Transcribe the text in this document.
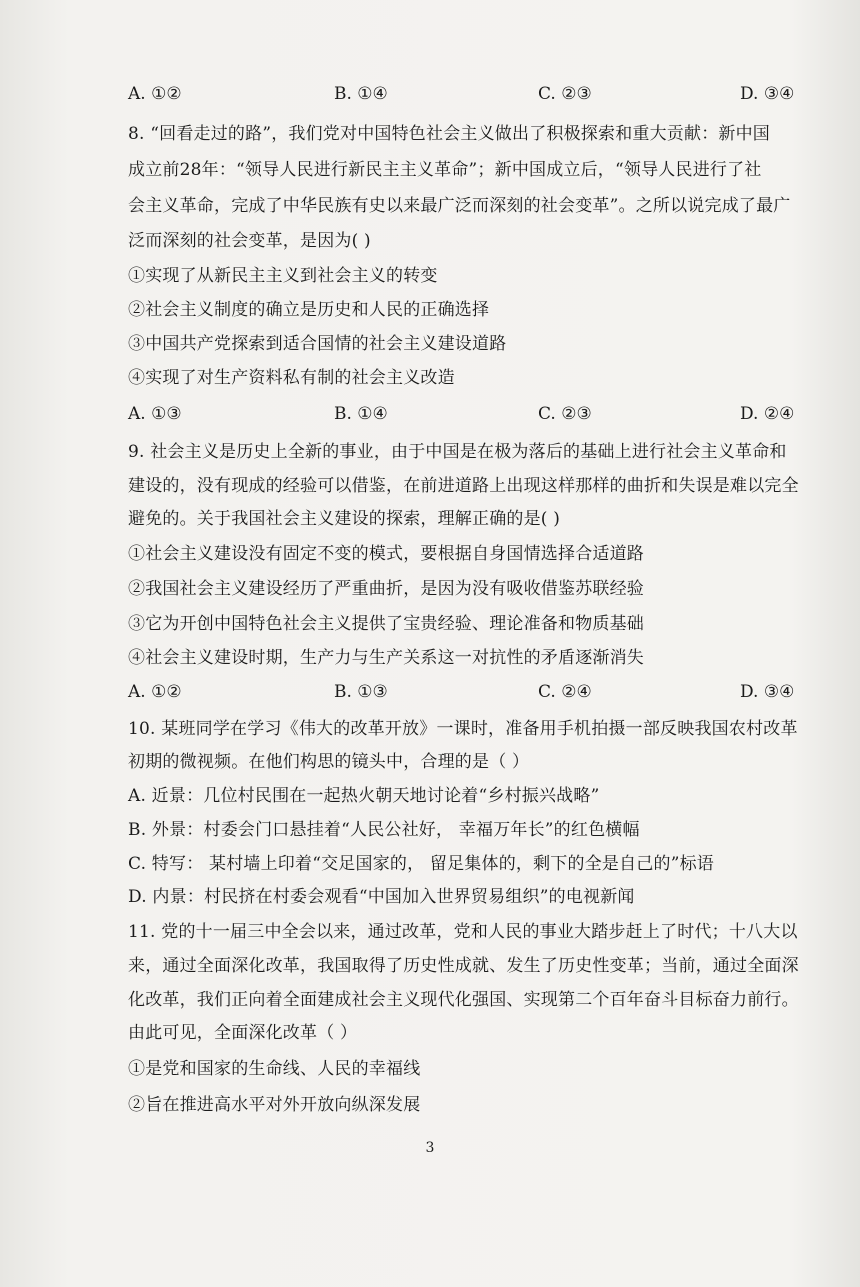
A. ①②	B. ①④	C. ②③	D. ③④
8. “回看走过的路”，我们党对中国特色社会主义做出了积极探索和重大贡献：新中国
成立前28年：“领导人民进行新民主主义革命”；新中国成立后，“领导人民进行了社
会主义革命，完成了中华民族有史以来最广泛而深刻的社会变革”。之所以说完成了最广
泛而深刻的社会变革，是因为( )
①实现了从新民主主义到社会主义的转变
②社会主义制度的确立是历史和人民的正确选择
③中国共产党探索到适合国情的社会主义建设道路
④实现了对生产资料私有制的社会主义改造
A. ①③	B. ①④	C. ②③	D. ②④
9. 社会主义是历史上全新的事业，由于中国是在极为落后的基础上进行社会主义革命和
建设的，没有现成的经验可以借鉴，在前进道路上出现这样那样的曲折和失误是难以完全
避免的。关于我国社会主义建设的探索，理解正确的是( )
①社会主义建设没有固定不变的模式，要根据自身国情选择合适道路
②我国社会主义建设经历了严重曲折，是因为没有吸收借鉴苏联经验
③它为开创中国特色社会主义提供了宝贵经验、理论准备和物质基础
④社会主义建设时期，生产力与生产关系这一对抗性的矛盾逐渐消失
A. ①②	B. ①③	C. ②④	D. ③④
10. 某班同学在学习《伟大的改革开放》一课时，准备用手机拍摄一部反映我国农村改革
初期的微视频。在他们构思的镜头中，合理的是（ ）
A. 近景：几位村民围在一起热火朝天地讨论着“乡村振兴战略”
B. 外景：村委会门口悬挂着“人民公社好， 幸福万年长”的红色横幅
C. 特写： 某村墙上印着“交足国家的， 留足集体的，剩下的全是自己的”标语
D. 内景：村民挤在村委会观看“中国加入世界贸易组织”的电视新闻
11. 党的十一届三中全会以来，通过改革，党和人民的事业大踏步赶上了时代；十八大以
来，通过全面深化改革，我国取得了历史性成就、发生了历史性变革；当前，通过全面深
化改革，我们正向着全面建成社会主义现代化强国、实现第二个百年奋斗目标奋力前行。
由此可见，全面深化改革（ ）
①是党和国家的生命线、人民的幸福线
②旨在推进高水平对外开放向纵深发展
3
